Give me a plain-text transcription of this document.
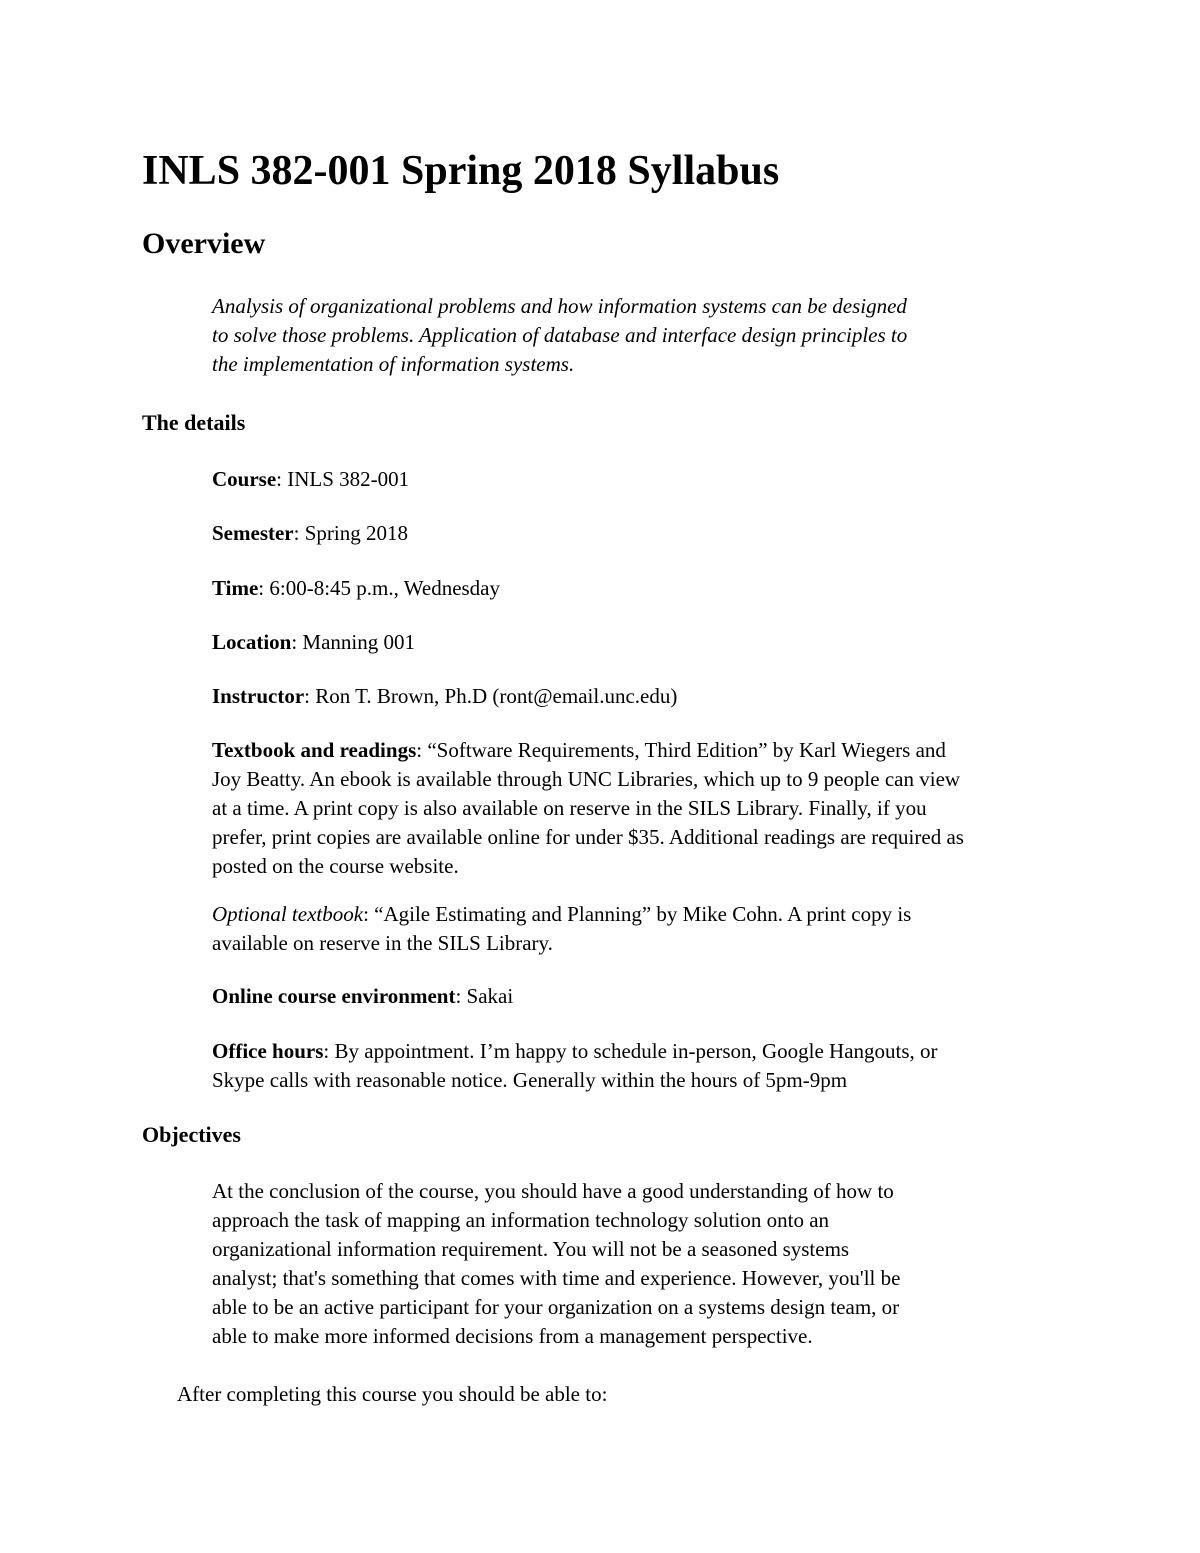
INLS 382-001 Spring 2018 Syllabus
Overview

Analysis of organizational problems and how information systems can be designed
to solve those problems. Application of database and interface design principles to
the implementation of information systems.

The details

Course: INLS 382-001

Semester: Spring 2018

Time: 6:00-8:45 p.m., Wednesday

Location: Manning 001

Instructor: Ron T. Brown, Ph.D (ront@email.unc.edu)

Textbook and readings: “Software Requirements, Third Edition” by Karl Wiegers and
Joy Beatty. An ebook is available through UNC Libraries, which up to 9 people can view
at a time. A print copy is also available on reserve in the SILS Library. Finally, if you
prefer, print copies are available online for under $35. Additional readings are required as
posted on the course website.

Optional textbook: “Agile Estimating and Planning” by Mike Cohn. A print copy is
available on reserve in the SILS Library.

Online course environment: Sakai

Office hours: By appointment. I’m happy to schedule in-person, Google Hangouts, or
Skype calls with reasonable notice. Generally within the hours of 5pm-9pm

Objectives

At the conclusion of the course, you should have a good understanding of how to
approach the task of mapping an information technology solution onto an
organizational information requirement. You will not be a seasoned systems
analyst; that's something that comes with time and experience. However, you'll be
able to be an active participant for your organization on a systems design team, or
able to make more informed decisions from a management perspective.

After completing this course you should be able to:
